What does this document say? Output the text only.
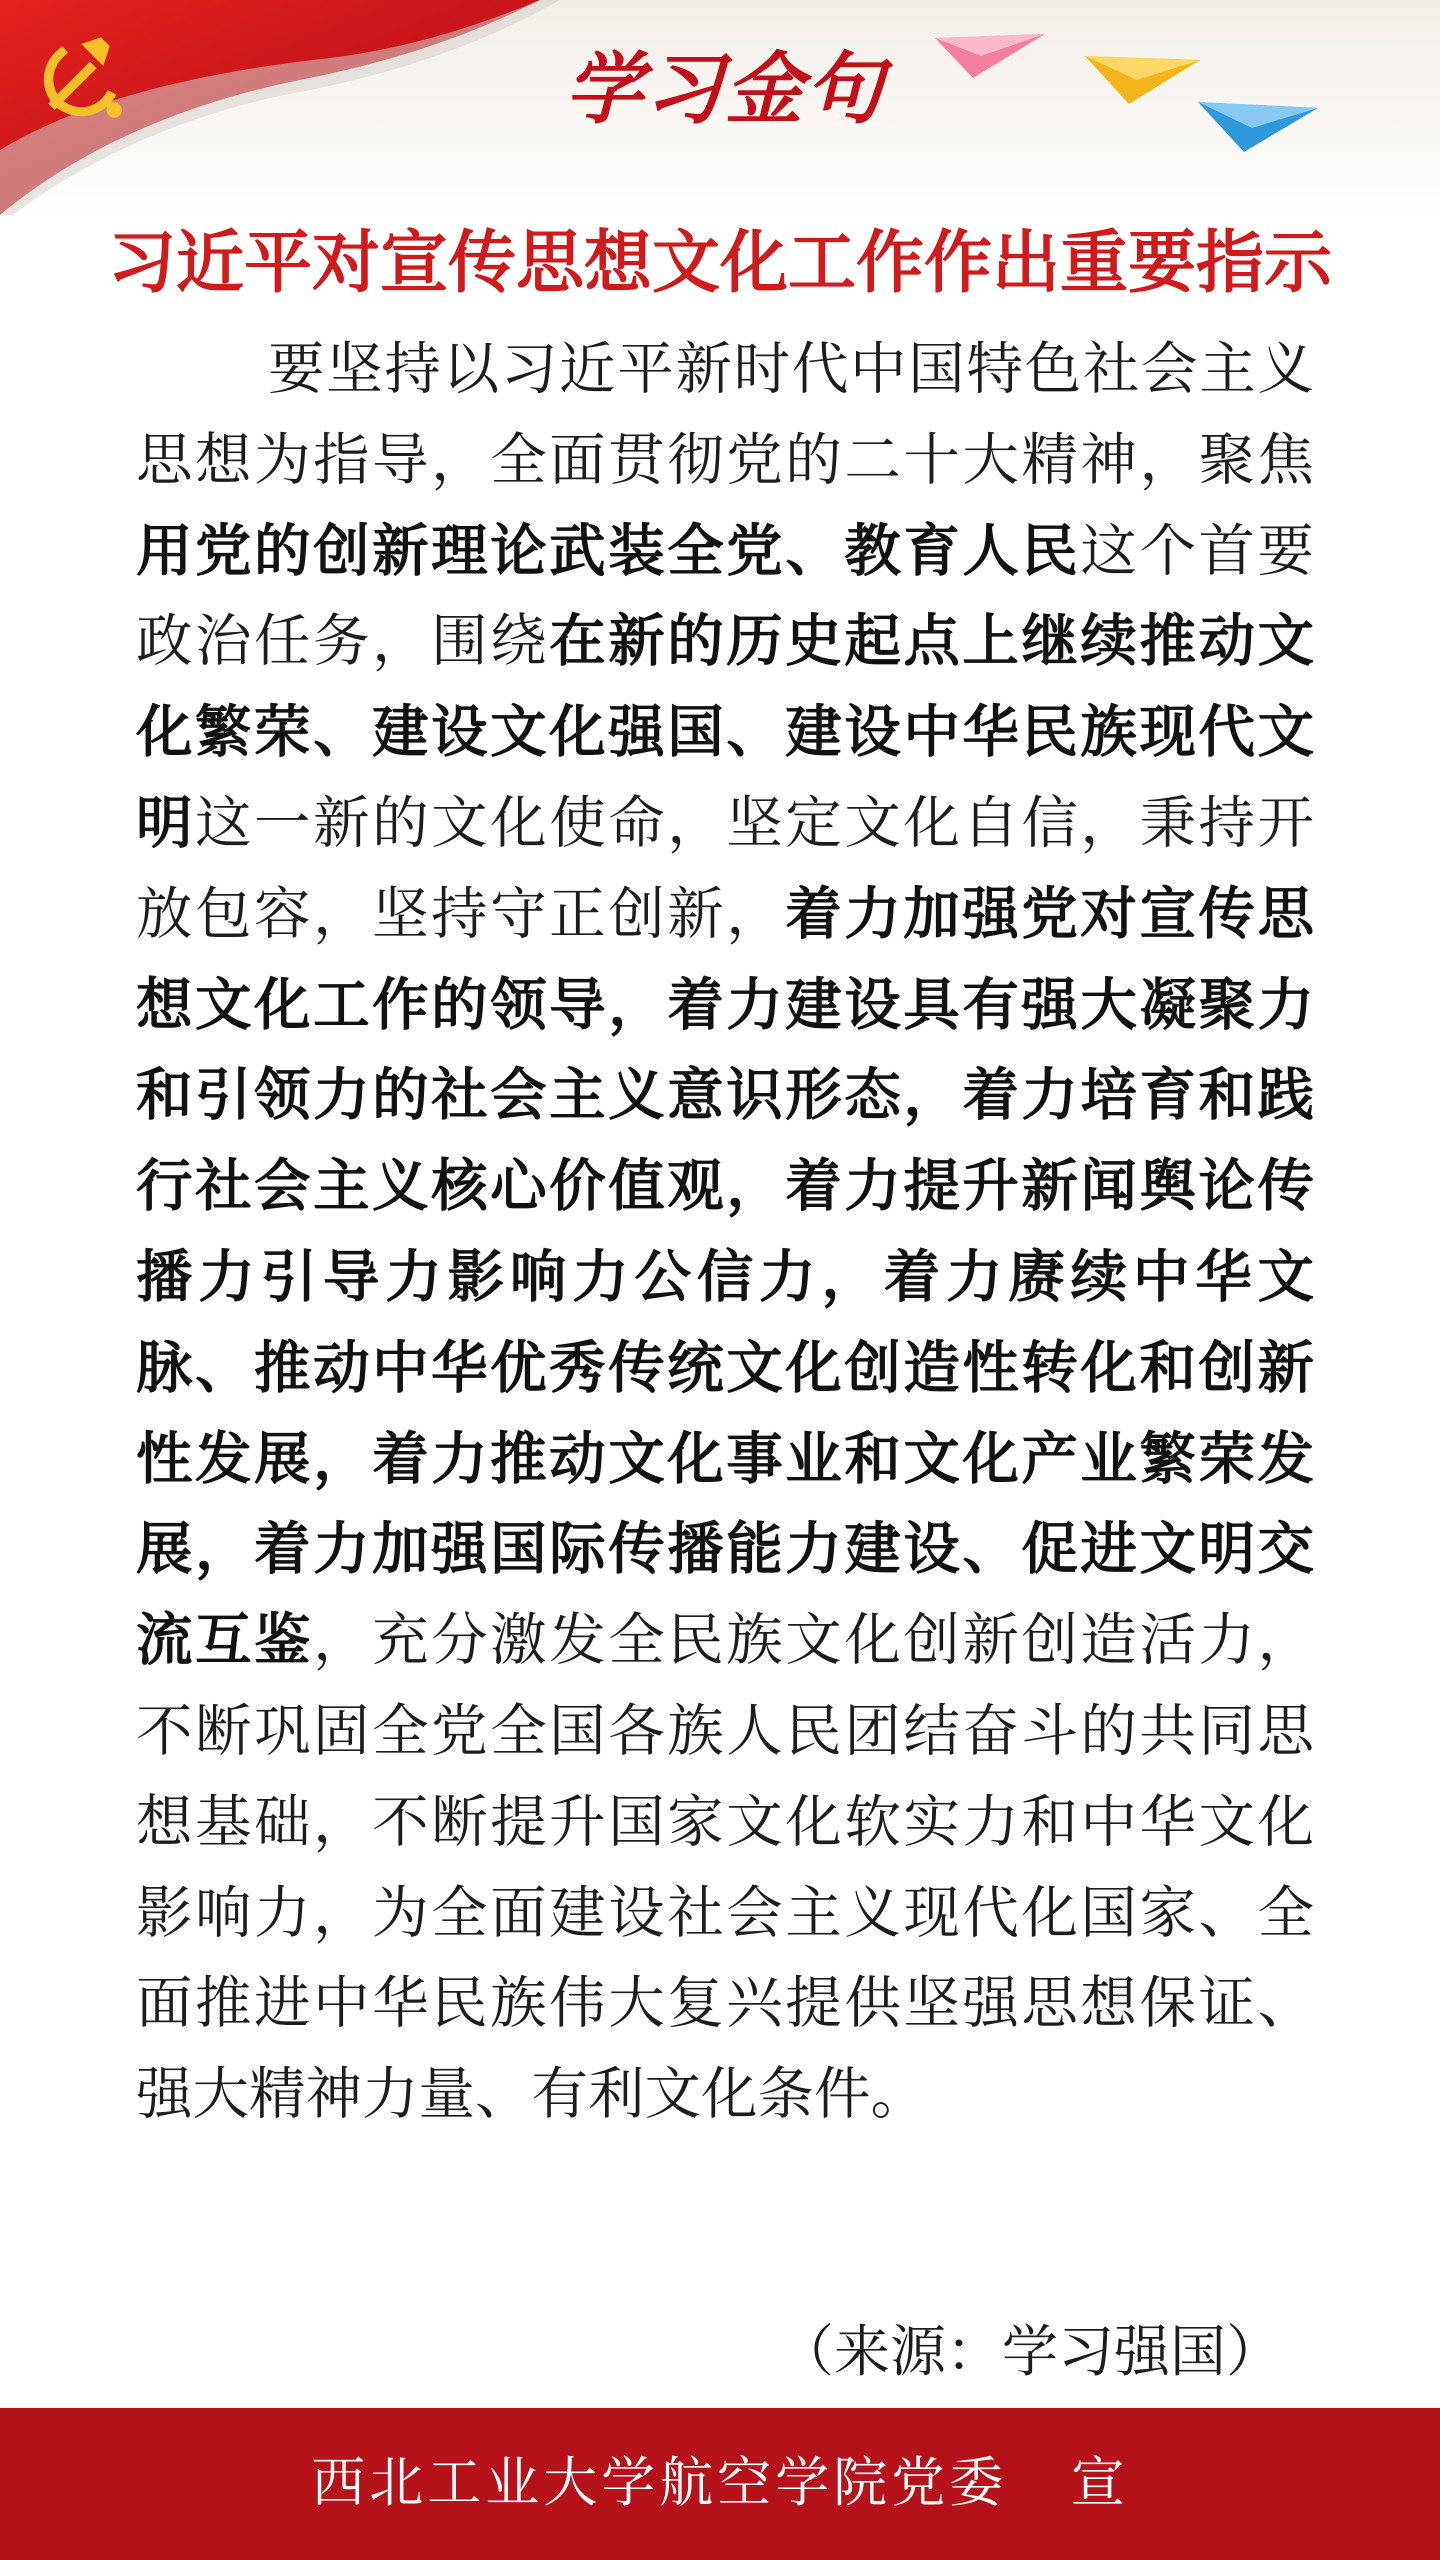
学习金句
习近平对宣传思想文化工作作出重要指示

要坚持以习近平新时代中国特色社会主义思想为指导，全面贯彻党的二十大精神，聚焦用党的创新理论武装全党、教育人民这个首要政治任务，围绕在新的历史起点上继续推动文化繁荣、建设文化强国、建设中华民族现代文明这一新的文化使命，坚定文化自信，秉持开放包容，坚持守正创新，着力加强党对宣传思想文化工作的领导，着力建设具有强大凝聚力和引领力的社会主义意识形态，着力培育和践行社会主义核心价值观，着力提升新闻舆论传播力引导力影响力公信力，着力赓续中华文脉、推动中华优秀传统文化创造性转化和创新性发展，着力推动文化事业和文化产业繁荣发展，着力加强国际传播能力建设、促进文明交流互鉴，充分激发全民族文化创新创造活力，不断巩固全党全国各族人民团结奋斗的共同思想基础，不断提升国家文化软实力和中华文化影响力，为全面建设社会主义现代化国家、全面推进中华民族伟大复兴提供坚强思想保证、强大精神力量、有利文化条件。

（来源：学习强国）
西北工业大学航空学院党委   宣
